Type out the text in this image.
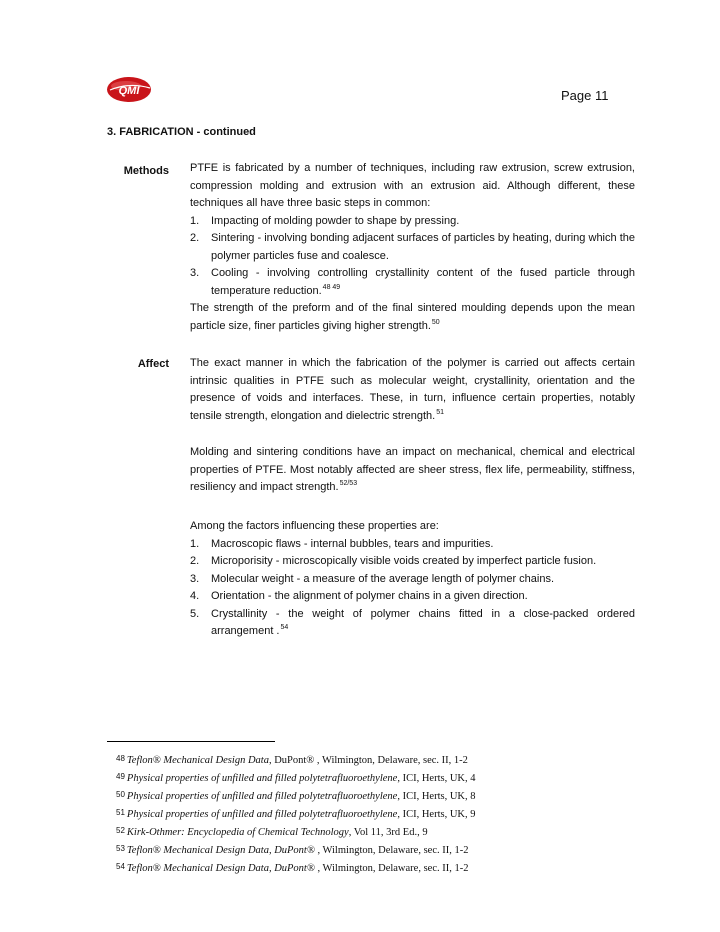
QMI	Page 11
3. FABRICATION - continued
Methods PTFE is fabricated by a number of techniques, including raw extrusion, screw extrusion, compression molding and extrusion with an extrusion aid. Although different, these techniques all have three basic steps in common:

1. Impacting of molding powder to shape by pressing.
2. Sintering - involving bonding adjacent surfaces of particles by heating, during which the polymer particles fuse and coalesce.
3. Cooling - involving controlling crystallinity content of the fused particle through temperature reduction.$^{48 49}$

The strength of the preform and of the final sintered moulding depends upon the mean particle size, finer particles giving higher strength.$^{50}$

Affect The exact manner in which the fabrication of the polymer is carried out affects certain intrinsic qualities in PTFE such as molecular weight, crystallinity, orientation and the presence of voids and interfaces. These, in turn, influence certain properties, notably tensile strength, elongation and dielectric strength.$^{51}$

Molding and sintering conditions have an impact on mechanical, chemical and electrical properties of PTFE. Most notably affected are sheer stress, flex life, permeability, stiffness, resiliency and impact strength.$^{52/53}$

Among the factors influencing these properties are:

1. Macroscopic flaws - internal bubbles, tears and impurities.
2. Microporisity - microscopically visible voids created by imperfect particle fusion.
3. Molecular weight - a measure of the average length of polymer chains.
4. Orientation - the alignment of polymer chains in a given direction.
5. Crystallinity - the weight of polymer chains fitted in a close-packed ordered arrangement .$^{54}$
48 Teflon® Mechanical Design Data, DuPont® , Wilmington, Delaware, sec. II, 1-2
49 Physical properties of unfilled and filled polytetrafluoroethylene, ICI, Herts, UK, 4
50 Physical properties of unfilled and filled polytetrafluoroethylene, ICI, Herts, UK, 8
51 Physical properties of unfilled and filled polytetrafluoroethylene, ICI, Herts, UK, 9
52 Kirk-Othmer: Encyclopedia of Chemical Technology, Vol 11, 3rd Ed., 9
53 Teflon® Mechanical Design Data, DuPont® , Wilmington, Delaware, sec. II, 1-2
54 Teflon® Mechanical Design Data, DuPont® , Wilmington, Delaware, sec. II, 1-2
